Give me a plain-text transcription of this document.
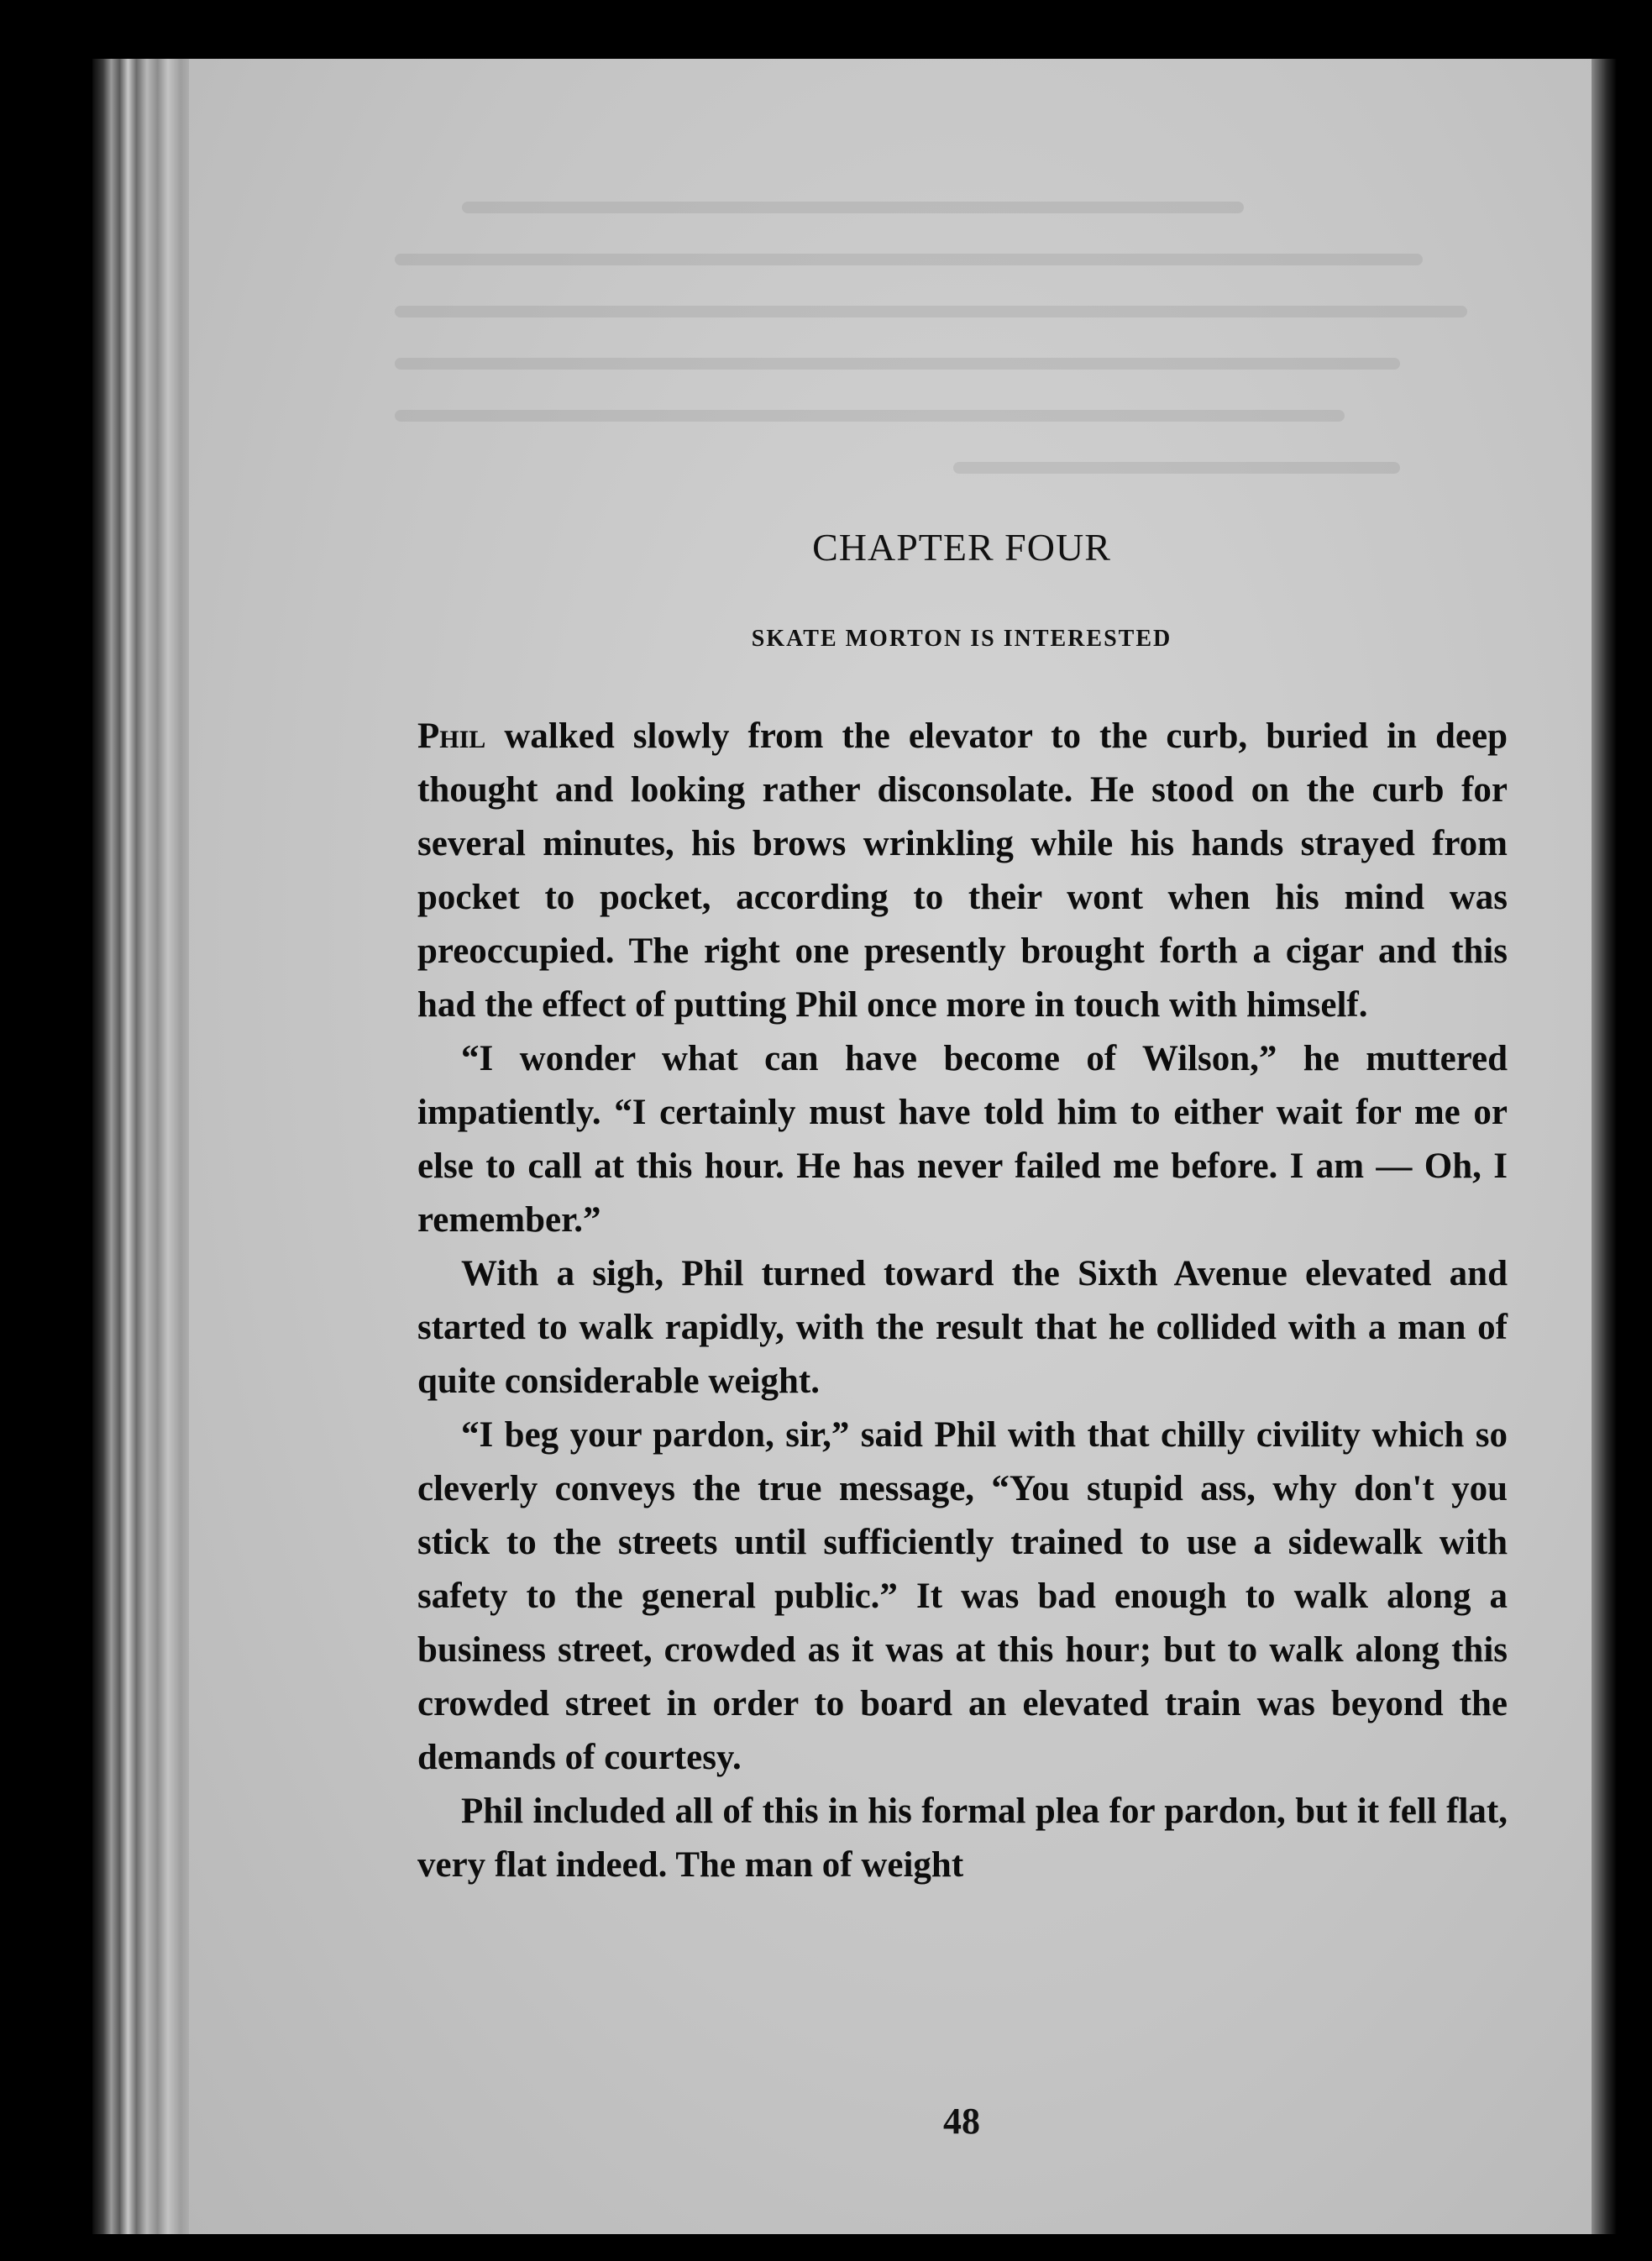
CHAPTER FOUR
SKATE MORTON IS INTERESTED

Phil walked slowly from the elevator to the curb, buried in deep thought and looking rather disconsolate. He stood on the curb for several minutes, his brows wrinkling while his hands strayed from pocket to pocket, according to their wont when his mind was preoccupied. The right one presently brought forth a cigar and this had the effect of putting Phil once more in touch with himself.

“I wonder what can have become of Wilson,” he muttered impatiently. “I certainly must have told him to either wait for me or else to call at this hour. He has never failed me before. I am — Oh, I remember.”

With a sigh, Phil turned toward the Sixth Avenue elevated and started to walk rapidly, with the result that he collided with a man of quite considerable weight.

“I beg your pardon, sir,” said Phil with that chilly civility which so cleverly conveys the true message, “You stupid ass, why don't you stick to the streets until sufficiently trained to use a sidewalk with safety to the general public.” It was bad enough to walk along a business street, crowded as it was at this hour; but to walk along this crowded street in order to board an elevated train was beyond the demands of courtesy.

Phil included all of this in his formal plea for pardon, but it fell flat, very flat indeed. The man of weight

48
